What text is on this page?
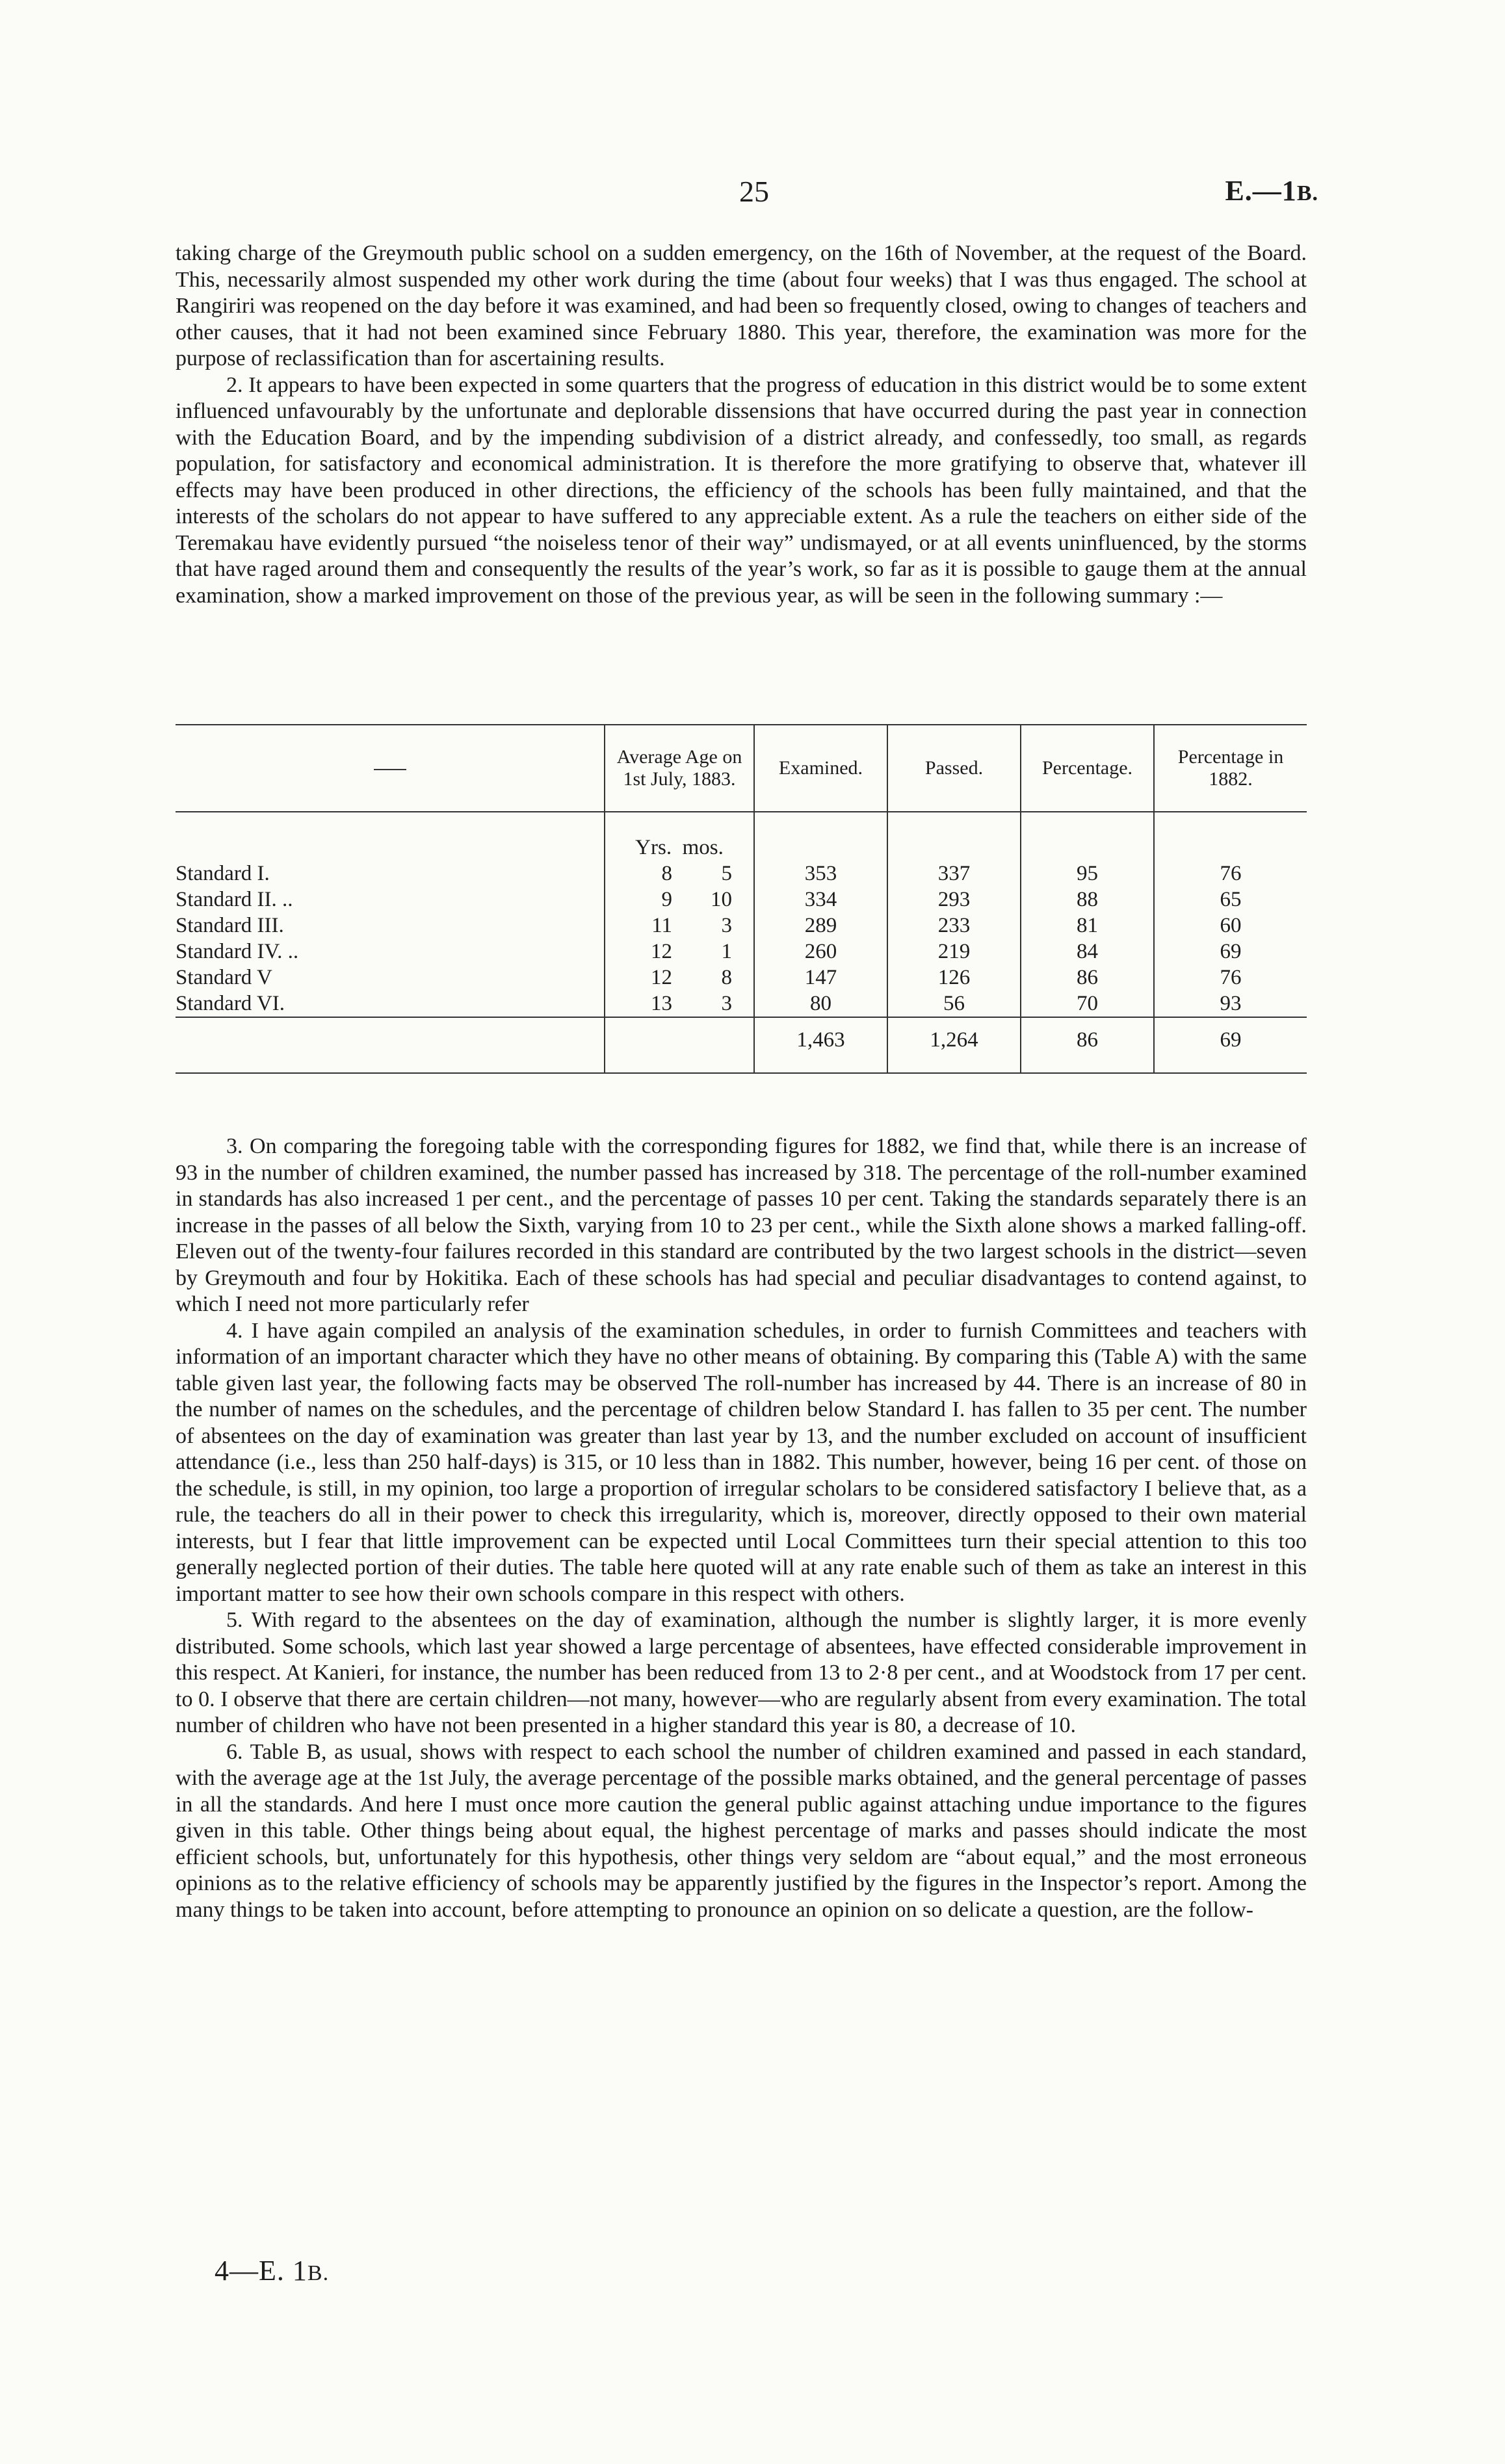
25	E.—1B.

taking charge of the Greymouth public school on a sudden emergency, on the 16th of November, at the request of the Board. This, necessarily almost suspended my other work during the time (about four weeks) that I was thus engaged. The school at Rangiriri was reopened on the day before it was examined, and had been so frequently closed, owing to changes of teachers and other causes, that it had not been examined since February 1880. This year, therefore, the examination was more for the purpose of reclassification than for ascertaining results.

2. It appears to have been expected in some quarters that the progress of education in this district would be to some extent influenced unfavourably by the unfortunate and deplorable dissensions that have occurred during the past year in connection with the Education Board, and by the impending subdivision of a district already, and confessedly, too small, as regards population, for satisfactory and economical administration. It is therefore the more gratifying to observe that, whatever ill effects may have been produced in other directions, the efficiency of the schools has been fully maintained, and that the interests of the scholars do not appear to have suffered to any appreciable extent. As a rule the teachers on either side of the Teremakau have evidently pursued “the noiseless tenor of their way” undismayed, or at all events uninfluenced, by the storms that have raged around them and consequently the results of the year’s work, so far as it is possible to gauge them at the annual examination, show a marked improvement on those of the previous year, as will be seen in the following summary :—

	Average Age on 1st July, 1883.	Examined.	Passed.	Percentage.	Percentage in 1882.
	Yrs. mos.				
Standard I.	8 5	353	337	95	76
Standard II. ..	9 10	334	293	88	65
Standard III.	11 3	289	233	81	60
Standard IV. ..	12 1	260	219	84	69
Standard V	12 8	147	126	86	76
Standard VI.	13 3	80	56	70	93
		1,463	1,264	86	69

3. On comparing the foregoing table with the corresponding figures for 1882, we find that, while there is an increase of 93 in the number of children examined, the number passed has increased by 318. The percentage of the roll-number examined in standards has also increased 1 per cent., and the percentage of passes 10 per cent. Taking the standards separately there is an increase in the passes of all below the Sixth, varying from 10 to 23 per cent., while the Sixth alone shows a marked falling-off. Eleven out of the twenty-four failures recorded in this standard are contributed by the two largest schools in the district—seven by Greymouth and four by Hokitika. Each of these schools has had special and peculiar disadvantages to contend against, to which I need not more particularly refer

4. I have again compiled an analysis of the examination schedules, in order to furnish Committees and teachers with information of an important character which they have no other means of obtaining. By comparing this (Table A) with the same table given last year, the following facts may be observed The roll-number has increased by 44. There is an increase of 80 in the number of names on the schedules, and the percentage of children below Standard I. has fallen to 35 per cent. The number of absentees on the day of examination was greater than last year by 13, and the number excluded on account of insufficient attendance (i.e., less than 250 half-days) is 315, or 10 less than in 1882. This number, however, being 16 per cent. of those on the schedule, is still, in my opinion, too large a proportion of irregular scholars to be considered satisfactory I believe that, as a rule, the teachers do all in their power to check this irregularity, which is, moreover, directly opposed to their own material interests, but I fear that little improvement can be expected until Local Committees turn their special attention to this too generally neglected portion of their duties. The table here quoted will at any rate enable such of them as take an interest in this important matter to see how their own schools compare in this respect with others.

5. With regard to the absentees on the day of examination, although the number is slightly larger, it is more evenly distributed. Some schools, which last year showed a large percentage of absentees, have effected considerable improvement in this respect. At Kanieri, for instance, the number has been reduced from 13 to 2·8 per cent., and at Woodstock from 17 per cent. to 0. I observe that there are certain children—not many, however—who are regularly absent from every examination. The total number of children who have not been presented in a higher standard this year is 80, a decrease of 10.

6. Table B, as usual, shows with respect to each school the number of children examined and passed in each standard, with the average age at the 1st July, the average percentage of the possible marks obtained, and the general percentage of passes in all the standards. And here I must once more caution the general public against attaching undue importance to the figures given in this table. Other things being about equal, the highest percentage of marks and passes should indicate the most efficient schools, but, unfortunately for this hypothesis, other things very seldom are “about equal,” and the most erroneous opinions as to the relative efficiency of schools may be apparently justified by the figures in the Inspector’s report. Among the many things to be taken into account, before attempting to pronounce an opinion on so delicate a question, are the follow-

4—E. 1B.
